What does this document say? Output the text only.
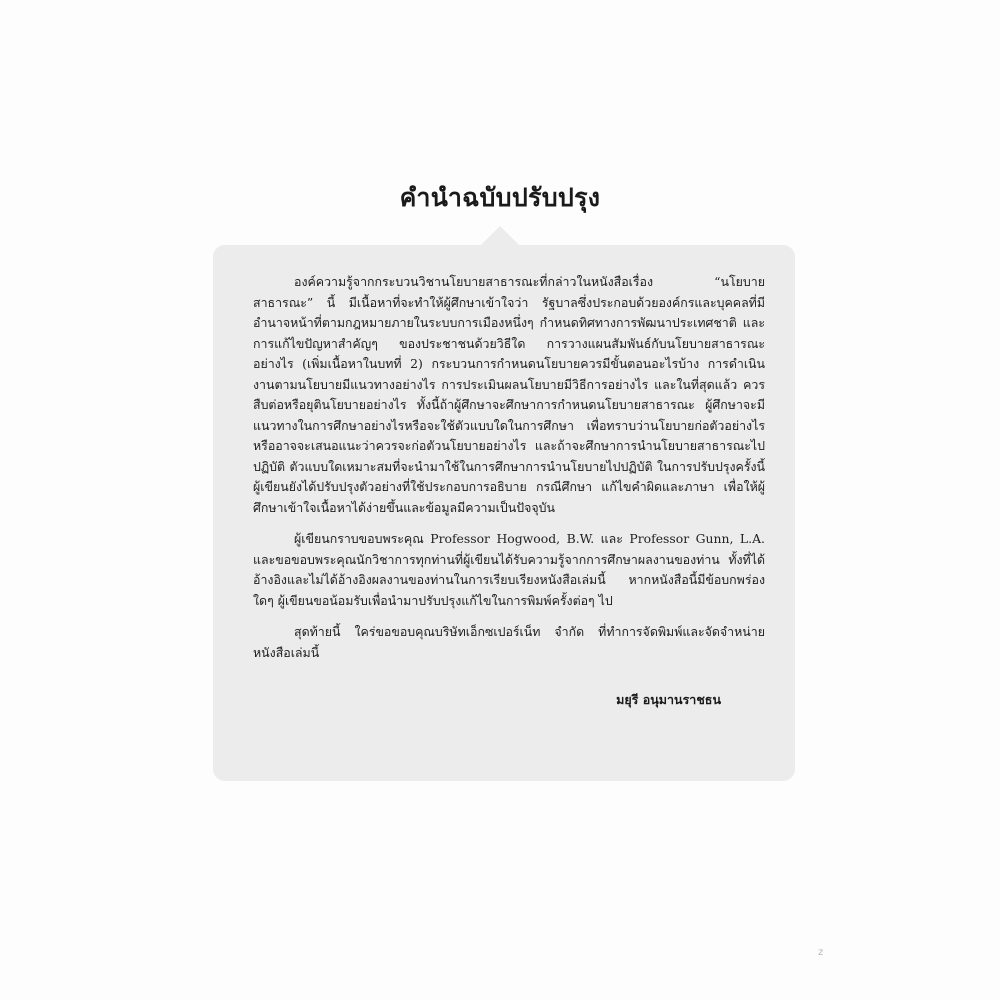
คำนำฉบับปรับปรุง

องค์ความรู้จากกระบวนวิชานโยบายสาธารณะที่กล่าวในหนังสือเรื่อง “นโยบายสาธารณะ” นี้ มีเนื้อหาที่จะทำให้ผู้ศึกษาเข้าใจว่า รัฐบาลซึ่งประกอบด้วยองค์กรและบุคคลที่มีอำนาจหน้าที่ตามกฎหมายภายในระบบการเมืองหนึ่งๆ กำหนดทิศทางการพัฒนาประเทศชาติ และการแก้ไขปัญหาสำคัญๆ ของประชาชนด้วยวิธีใด การวางแผนสัมพันธ์กับนโยบายสาธารณะอย่างไร (เพิ่มเนื้อหาในบทที่ 2) กระบวนการกำหนดนโยบายควรมีขั้นตอนอะไรบ้าง การดำเนินงานตามนโยบายมีแนวทางอย่างไร การประเมินผลนโยบายมีวิธีการอย่างไร และในที่สุดแล้ว ควรสืบต่อหรือยุตินโยบายอย่างไร ทั้งนี้ถ้าผู้ศึกษาจะศึกษาการกำหนดนโยบายสาธารณะ ผู้ศึกษาจะมีแนวทางในการศึกษาอย่างไรหรือจะใช้ตัวแบบใดในการศึกษา เพื่อทราบว่านโยบายก่อตัวอย่างไรหรืออาจจะเสนอแนะว่าควรจะก่อตัวนโยบายอย่างไร และถ้าจะศึกษาการนำนโยบายสาธารณะไปปฏิบัติ ตัวแบบใดเหมาะสมที่จะนำมาใช้ในการศึกษาการนำนโยบายไปปฏิบัติ ในการปรับปรุงครั้งนี้ ผู้เขียนยังได้ปรับปรุงตัวอย่างที่ใช้ประกอบการอธิบาย กรณีศึกษา แก้ไขคำผิดและภาษา เพื่อให้ผู้ศึกษาเข้าใจเนื้อหาได้ง่ายขึ้นและข้อมูลมีความเป็นปัจจุบัน

ผู้เขียนกราบขอบพระคุณ Professor Hogwood, B.W. และ Professor Gunn, L.A. และขอขอบพระคุณนักวิชาการทุกท่านที่ผู้เขียนได้รับความรู้จากการศึกษาผลงานของท่าน ทั้งที่ได้อ้างอิงและไม่ได้อ้างอิงผลงานของท่านในการเรียบเรียงหนังสือเล่มนี้ หากหนังสือนี้มีข้อบกพร่องใดๆ ผู้เขียนขอน้อมรับเพื่อนำมาปรับปรุงแก้ไขในการพิมพ์ครั้งต่อๆ ไป

สุดท้ายนี้ ใคร่ขอขอบคุณบริษัทเอ็กซเปอร์เน็ท จำกัด ที่ทำการจัดพิมพ์และจัดจำหน่ายหนังสือเล่มนี้

มยุรี อนุมานราชธน
z
